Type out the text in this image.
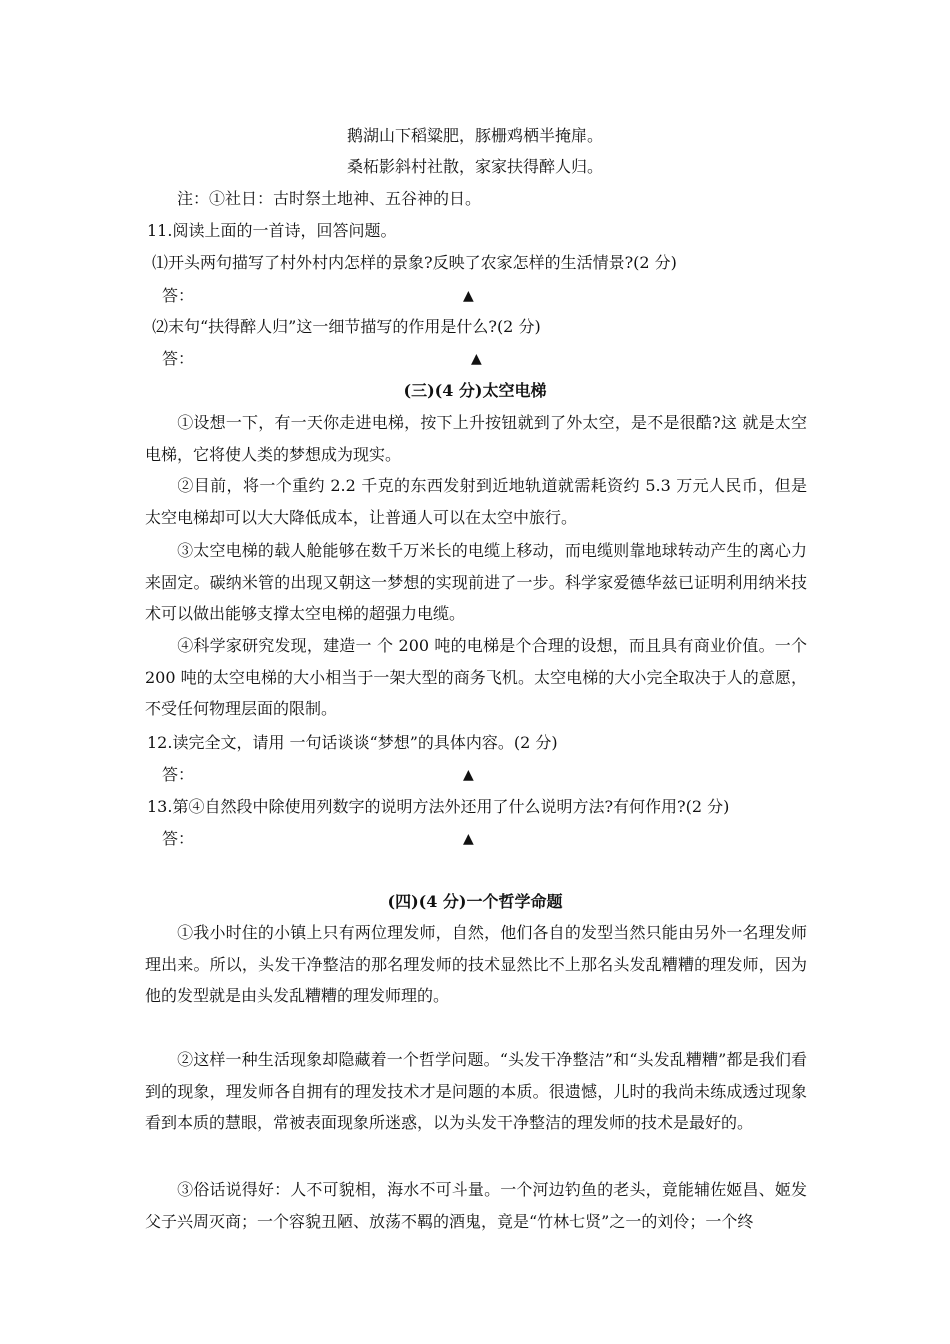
鹅湖山下稻粱肥，豚栅鸡栖半掩扉。
桑柘影斜村社散，家家扶得醉人归。
注：①社日：古时祭土地神、五谷神的日。
11.阅读上面的一首诗，回答问题。
⑴开头两句描写了村外村内怎样的景象?反映了农家怎样的生活情景?(2 分)
答：	▲
⑵末句“扶得醉人归”这一细节描写的作用是什么?(2 分)
答：	▲
(三)(4 分)太空电梯
①设想一下，有一天你走进电梯，按下上升按钮就到了外太空，是不是很酷?这 就是太空电梯，它将使人类的梦想成为现实。
②目前，将一个重约 2.2 千克的东西发射到近地轨道就需耗资约 5.3 万元人民币，但是太空电梯却可以大大降低成本，让普通人可以在太空中旅行。
③太空电梯的载人舱能够在数千万米长的电缆上移动，而电缆则靠地球转动产生的离心力来固定。碳纳米管的出现又朝这一梦想的实现前进了一步。科学家爱德华兹已证明利用纳米技术可以做出能够支撑太空电梯的超强力电缆。
④科学家研究发现，建造一 个 200 吨的电梯是个合理的设想，而且具有商业价值。一个 200 吨的太空电梯的大小相当于一架大型的商务飞机。太空电梯的大小完全取决于人的意愿，不受任何物理层面的限制。
12.读完全文，请用 一句话谈谈“梦想”的具体内容。(2 分)
答：	▲
13.第④自然段中除使用列数字的说明方法外还用了什么说明方法?有何作用?(2 分)
答：	▲
(四)(4 分)一个哲学命题
①我小时住的小镇上只有两位理发师，自然，他们各自的发型当然只能由另外一名理发师理出来。所以，头发干净整洁的那名理发师的技术显然比不上那名头发乱糟糟的理发师，因为他的发型就是由头发乱糟糟的理发师理的。
②这样一种生活现象却隐藏着一个哲学问题。“头发干净整洁”和“头发乱糟糟”都是我们看到的现象，理发师各自拥有的理发技术才是问题的本质。很遗憾，儿时的我尚未练成透过现象看到本质的慧眼，常被表面现象所迷惑，以为头发干净整洁的理发师的技术是最好的。
③俗话说得好：人不可貌相，海水不可斗量。一个河边钓鱼的老头，竟能辅佐姬昌、姬发父子兴周灭商；一个容貌丑陋、放荡不羁的酒鬼，竟是“竹林七贤”之一的刘伶；一个终
